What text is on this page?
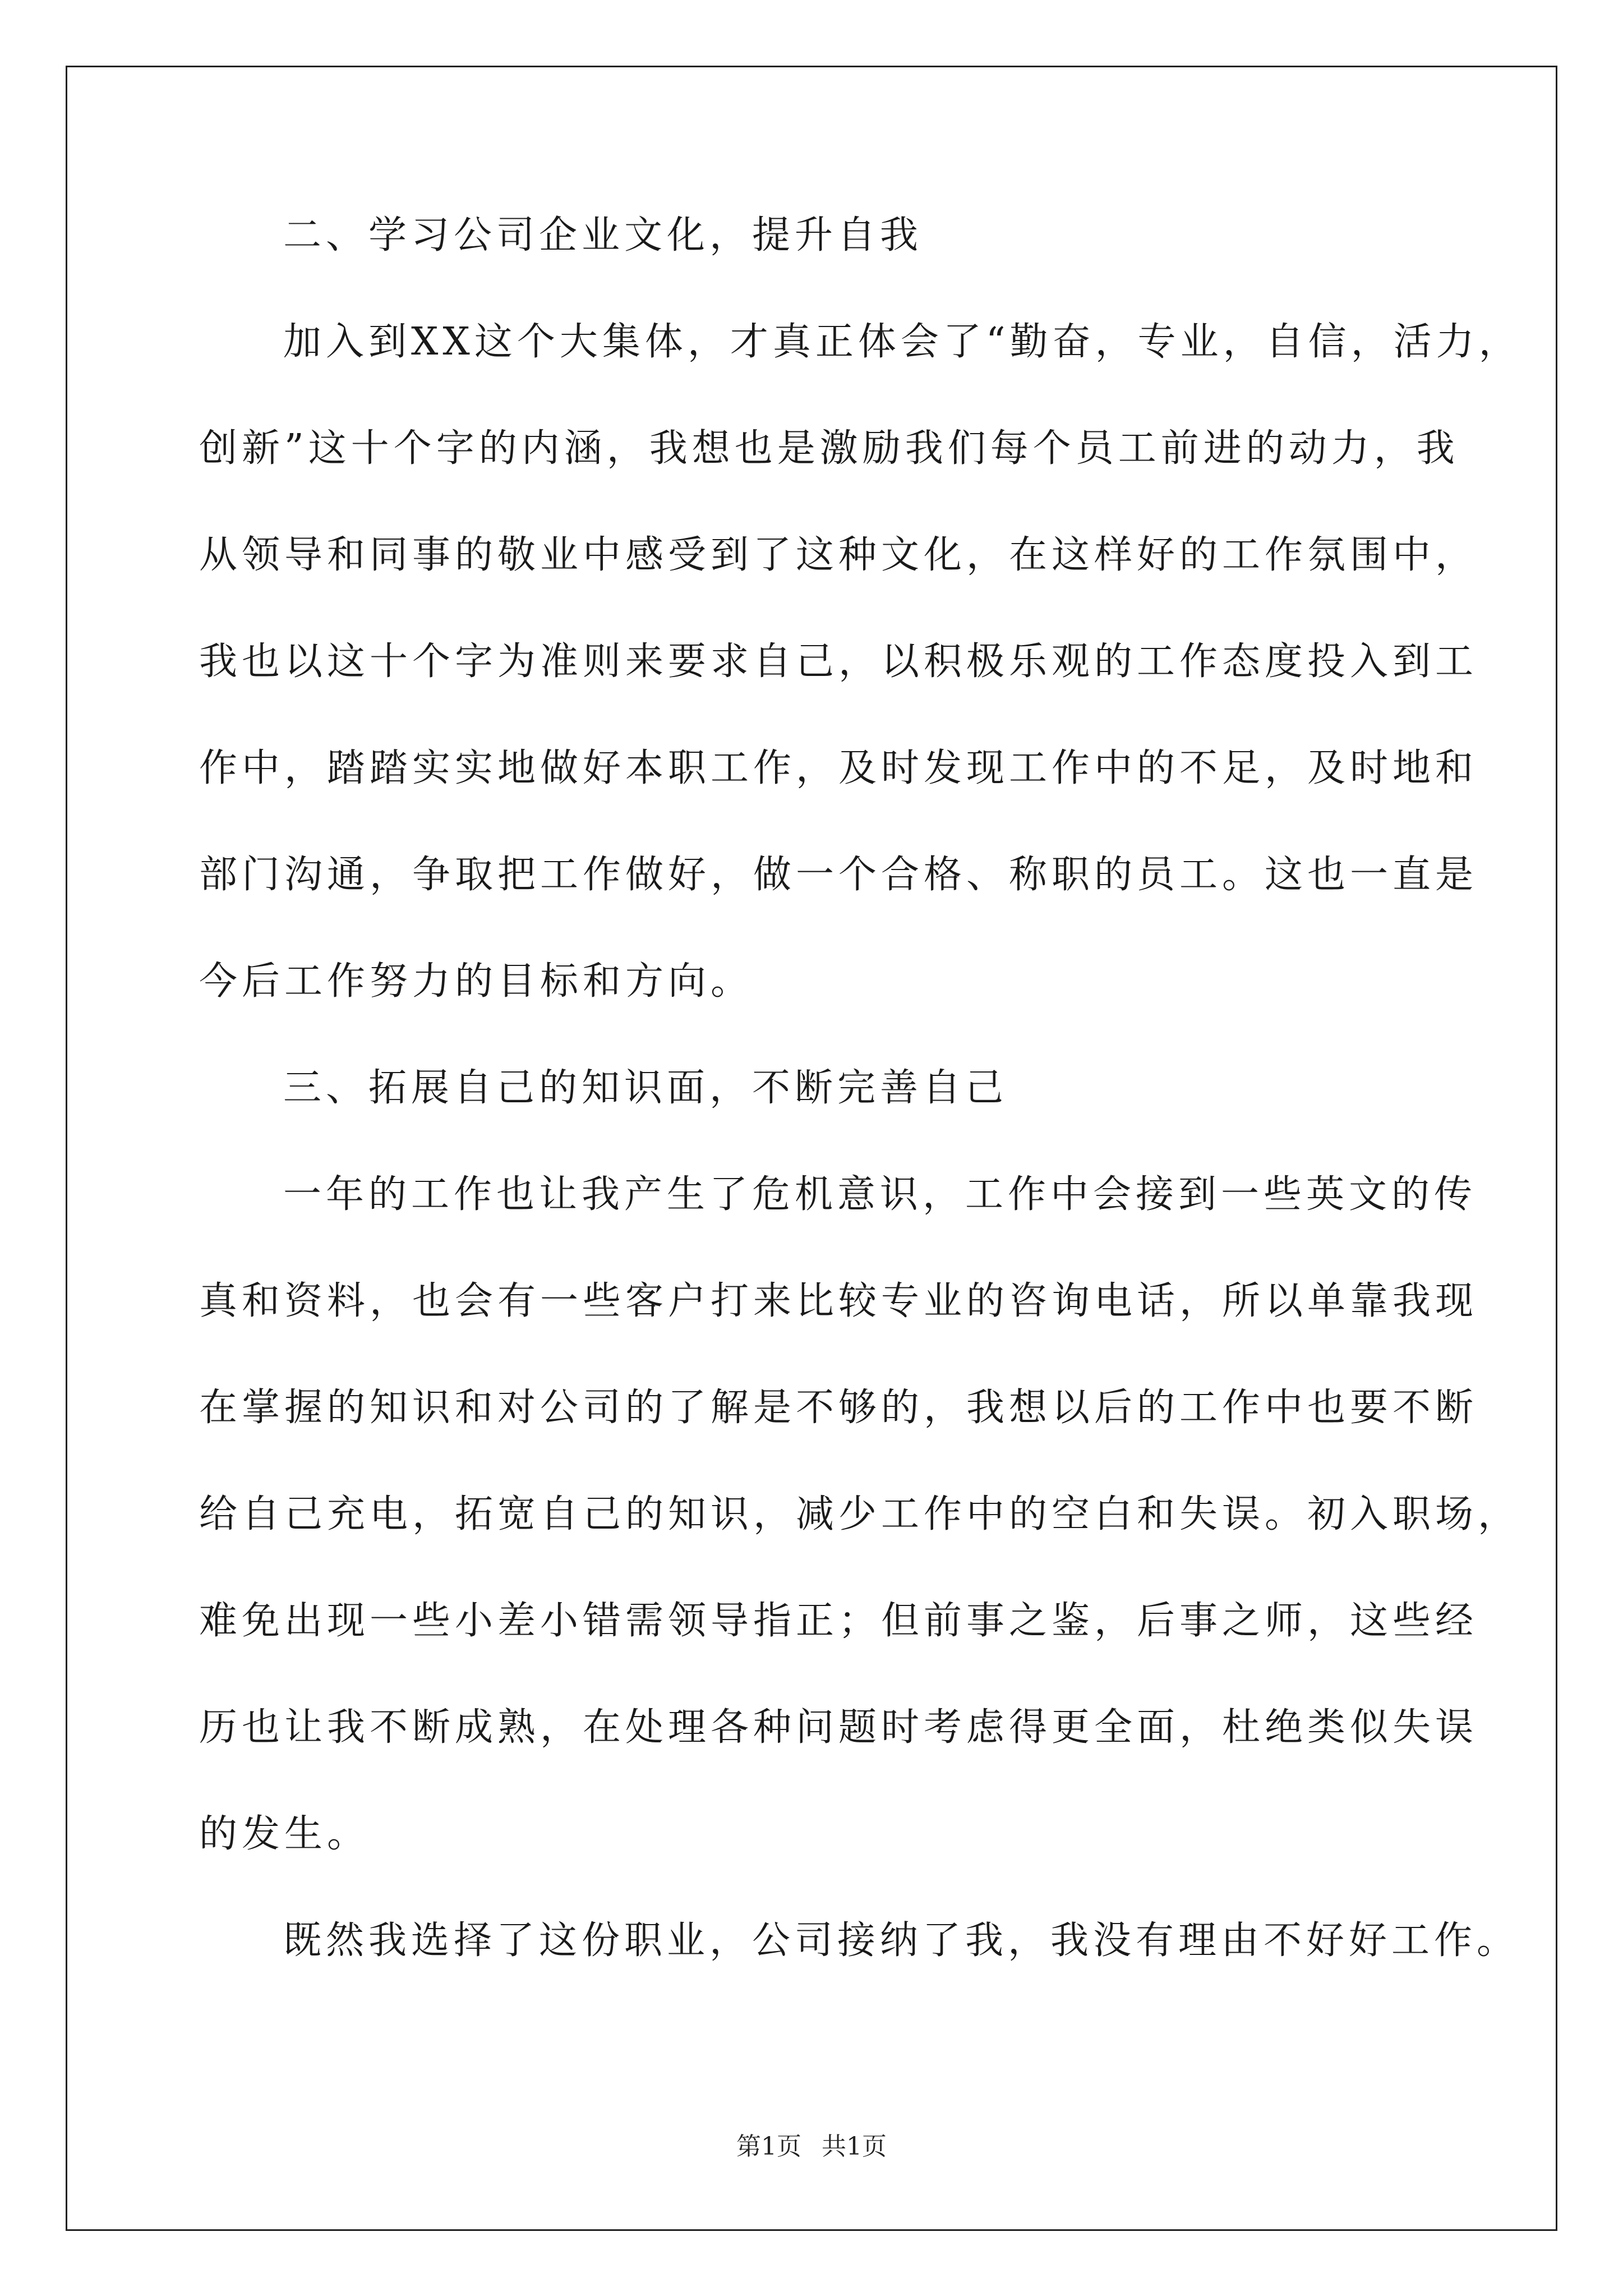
二、学习公司企业文化，提升自我
加入到XX这个大集体，才真正体会了“勤奋，专业，自信，活力，
创新”这十个字的内涵，我想也是激励我们每个员工前进的动力，我
从领导和同事的敬业中感受到了这种文化，在这样好的工作氛围中，
我也以这十个字为准则来要求自己，以积极乐观的工作态度投入到工
作中，踏踏实实地做好本职工作，及时发现工作中的不足，及时地和
部门沟通，争取把工作做好，做一个合格、称职的员工。这也一直是
今后工作努力的目标和方向。
三、拓展自己的知识面，不断完善自己
一年的工作也让我产生了危机意识，工作中会接到一些英文的传
真和资料，也会有一些客户打来比较专业的咨询电话，所以单靠我现
在掌握的知识和对公司的了解是不够的，我想以后的工作中也要不断
给自己充电，拓宽自己的知识，减少工作中的空白和失误。初入职场，
难免出现一些小差小错需领导指正；但前事之鉴，后事之师，这些经
历也让我不断成熟，在处理各种问题时考虑得更全面，杜绝类似失误
的发生。
既然我选择了这份职业，公司接纳了我，我没有理由不好好工作。
第1页 共1页
